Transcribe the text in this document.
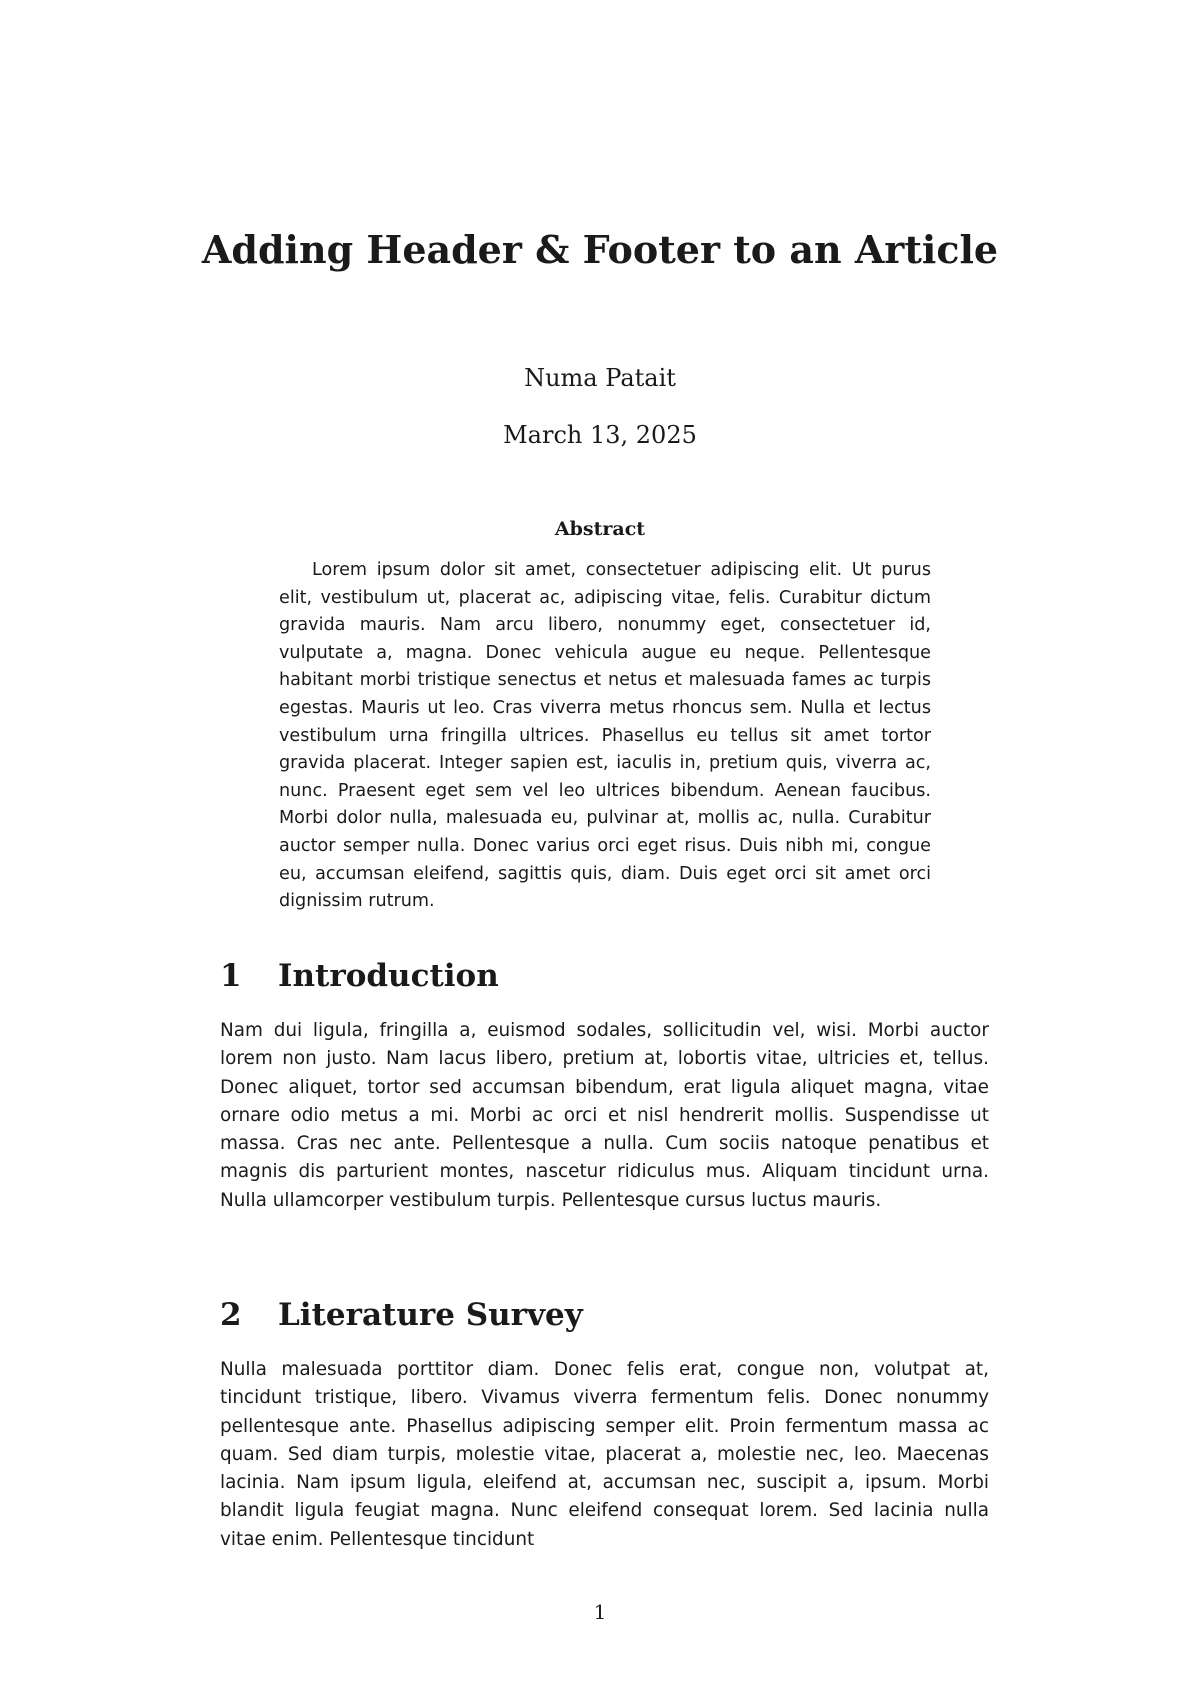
Adding Header & Footer to an Article
Numa Patait
March 13, 2025
Abstract

Lorem ipsum dolor sit amet, consectetuer adipiscing elit. Ut purus elit, vestibulum ut, placerat ac, adipiscing vitae, felis. Curabitur dictum gravida mauris. Nam arcu libero, nonummy eget, consectetuer id, vulputate a, magna. Donec vehicula augue eu neque. Pellentesque habitant morbi tristique senectus et netus et malesuada fames ac turpis egestas. Mauris ut leo. Cras viverra metus rhoncus sem. Nulla et lectus vestibulum urna fringilla ultrices. Phasellus eu tellus sit amet tortor gravida placerat. Integer sapien est, iaculis in, pretium quis, viverra ac, nunc. Praesent eget sem vel leo ultrices bibendum. Aenean faucibus. Morbi dolor nulla, malesuada eu, pulvinar at, mollis ac, nulla. Curabitur auctor semper nulla. Donec varius orci eget risus. Duis nibh mi, congue eu, accumsan eleifend, sagittis quis, diam. Duis eget orci sit amet orci dignissim rutrum.

1 Introduction

Nam dui ligula, fringilla a, euismod sodales, sollicitudin vel, wisi. Morbi auctor lorem non justo. Nam lacus libero, pretium at, lobortis vitae, ultricies et, tellus. Donec aliquet, tortor sed accumsan bibendum, erat ligula aliquet magna, vitae ornare odio metus a mi. Morbi ac orci et nisl hendrerit mollis. Suspendisse ut massa. Cras nec ante. Pellentesque a nulla. Cum sociis natoque penatibus et magnis dis parturient montes, nascetur ridiculus mus. Aliquam tincidunt urna. Nulla ullamcorper vestibulum turpis. Pellentesque cursus luctus mauris.

2 Literature Survey

Nulla malesuada porttitor diam. Donec felis erat, congue non, volutpat at, tincidunt tristique, libero. Vivamus viverra fermentum felis. Donec nonummy pellentesque ante. Phasellus adipiscing semper elit. Proin fermentum massa ac quam. Sed diam turpis, molestie vitae, placerat a, molestie nec, leo. Maecenas lacinia. Nam ipsum ligula, eleifend at, accumsan nec, suscipit a, ipsum. Morbi blandit ligula feugiat magna. Nunc eleifend consequat lorem. Sed lacinia nulla vitae enim. Pellentesque tincidunt

1
